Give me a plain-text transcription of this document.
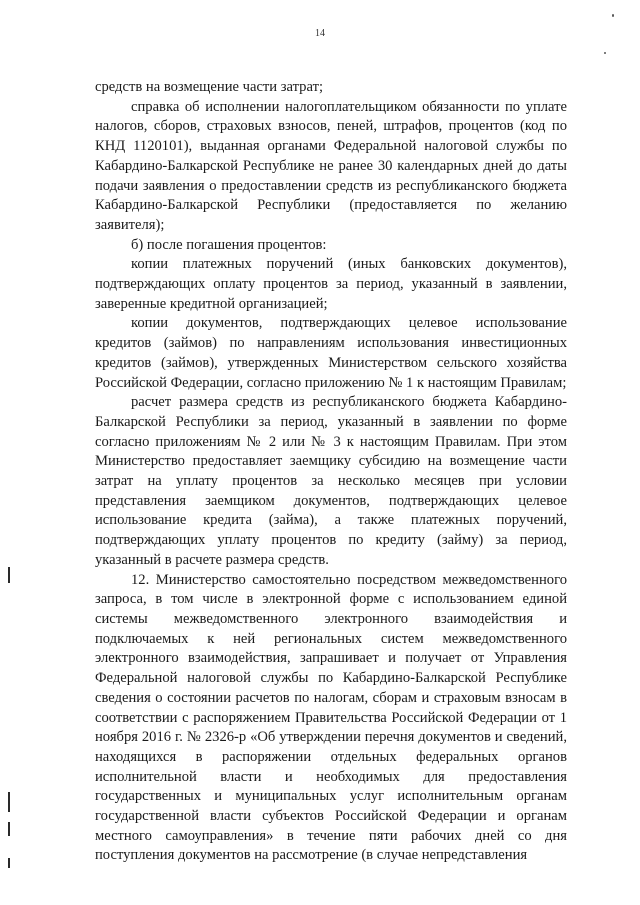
14

средств на возмещение части затрат;

справка об исполнении налогоплательщиком обязанности по уплате налогов, сборов, страховых взносов, пеней, штрафов, процентов (код по КНД 1120101), выданная органами Федеральной налоговой службы по Кабардино-Балкарской Республике не ранее 30 календарных дней до даты подачи заявления о предоставлении средств из республиканского бюджета Кабардино-Балкарской Республики (предоставляется по желанию заявителя);

б) после погашения процентов:

копии платежных поручений (иных банковских документов), подтверждающих оплату процентов за период, указанный в заявлении, заверенные кредитной организацией;

копии документов, подтверждающих целевое использование кредитов (займов) по направлениям использования инвестиционных кредитов (займов), утвержденных Министерством сельского хозяйства Российской Федерации, согласно приложению № 1 к настоящим Правилам;

расчет размера средств из республиканского бюджета Кабардино-Балкарской Республики за период, указанный в заявлении по форме согласно приложениям № 2 или № 3 к настоящим Правилам. При этом Министерство предоставляет заемщику субсидию на возмещение части затрат на уплату процентов за несколько месяцев при условии представления заемщиком документов, подтверждающих целевое использование кредита (займа), а также платежных поручений, подтверждающих уплату процентов по кредиту (займу) за период, указанный в расчете размера средств.

12. Министерство самостоятельно посредством межведомственного запроса, в том числе в электронной форме с использованием единой системы межведомственного электронного взаимодействия и подключаемых к ней региональных систем межведомственного электронного взаимодействия, запрашивает и получает от Управления Федеральной налоговой службы по Кабардино-Балкарской Республике сведения о состоянии расчетов по налогам, сборам и страховым взносам в соответствии с распоряжением Правительства Российской Федерации от 1 ноября 2016 г. № 2326-р «Об утверждении перечня документов и сведений, находящихся в распоряжении отдельных федеральных органов исполнительной власти и необходимых для предоставления государственных и муниципальных услуг исполнительным органам государственной власти субъектов Российской Федерации и органам местного самоуправления» в течение пяти рабочих дней со дня поступления документов на рассмотрение (в случае непредставления
